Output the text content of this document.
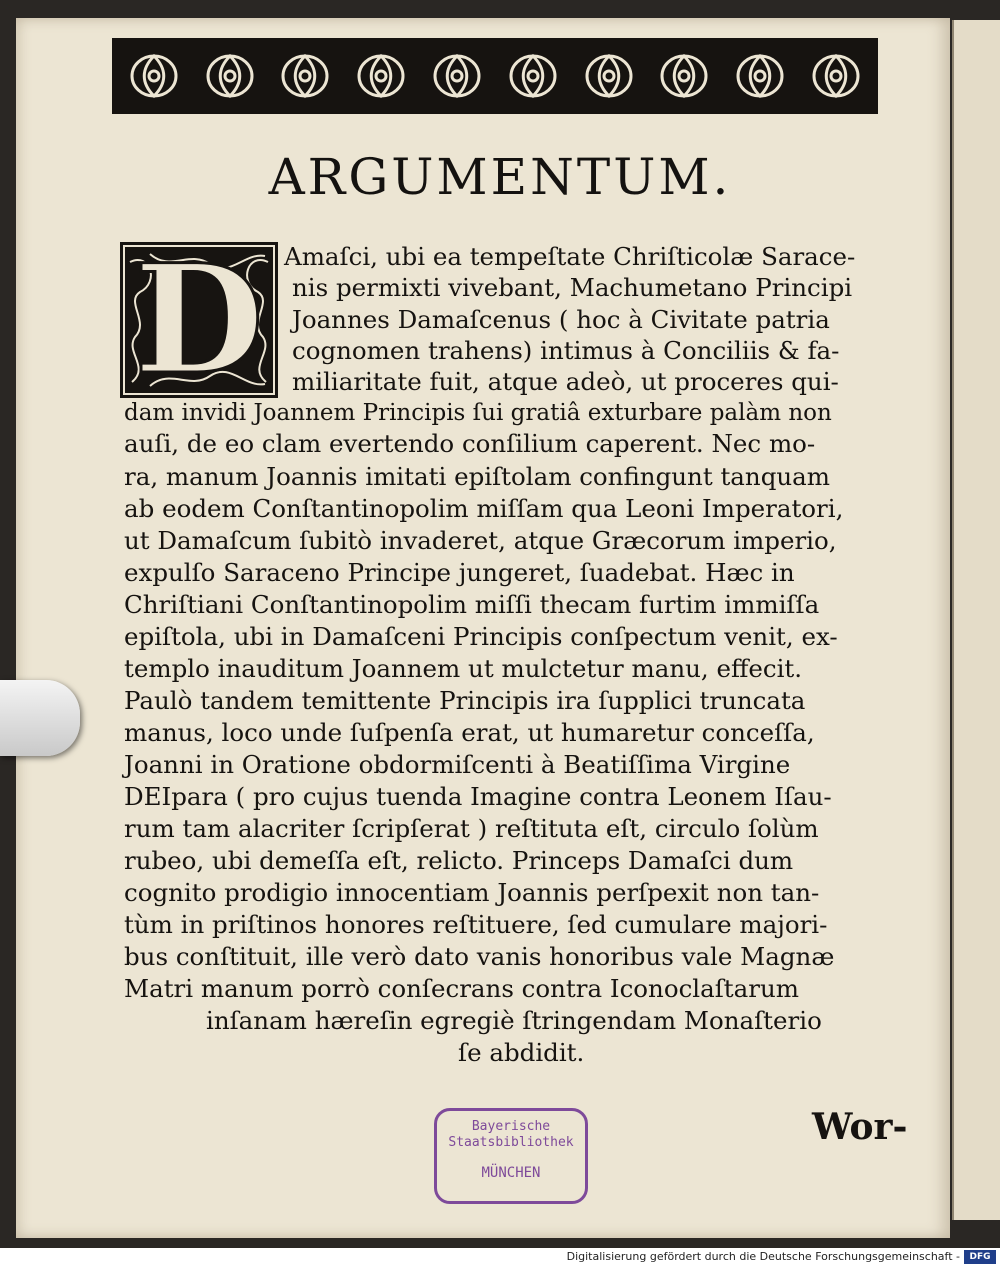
ARGUMENTUM.
D Amaſci, ubi ea tempeſtate Chriſticolæ Sarace-
nis permixti vivebant, Machumetano Principi
Joannes Damaſcenus ( hoc à Civitate patria
cognomen trahens) intimus à Conciliis & fa-
miliaritate fuit, atque adeò, ut proceres qui-
dam invidi Joannem Principis ſui gratiâ exturbare palàm non
auſi, de eo clam evertendo conſilium caperent. Nec mo-
ra, manum Joannis imitati epiſtolam confingunt tanquam
ab eodem Conſtantinopolim miſſam qua Leoni Imperatori,
ut Damaſcum ſubitò invaderet, atque Græcorum imperio,
expulſo Saraceno Principe jungeret, ſuadebat. Hæc in
Chriſtiani Conſtantinopolim miſſi thecam furtim immiſſa
epiſtola, ubi in Damaſceni Principis conſpectum venit, ex-
templo inauditum Joannem ut mulctetur manu, effecit.
Paulò tandem temittente Principis ira ſupplici truncata
manus, loco unde ſuſpenſa erat, ut humaretur conceſſa,
Joanni in Oratione obdormiſcenti à Beatiſſima Virgine
DEIpara ( pro cujus tuenda Imagine contra Leonem Iſau-
rum tam alacriter ſcripſerat ) reſtituta eſt, circulo ſolùm
rubeo, ubi demeſſa eſt, relicto. Princeps Damaſci dum
cognito prodigio innocentiam Joannis perſpexit non tan-
tùm in priſtinos honores reſtituere, ſed cumulare majori-
bus conſtituit, ille verò dato vanis honoribus vale Magnæ
Matri manum porrò conſecrans contra Iconoclaſtarum
inſanam hæreſin egregiè ſtringendam Monaſterio
ſe abdidit.
Wor-
Bayerische
Staatsbibliothek
MÜNCHEN
Digitalisierung gefördert durch die Deutsche Forschungsgemeinschaft -	DFG
